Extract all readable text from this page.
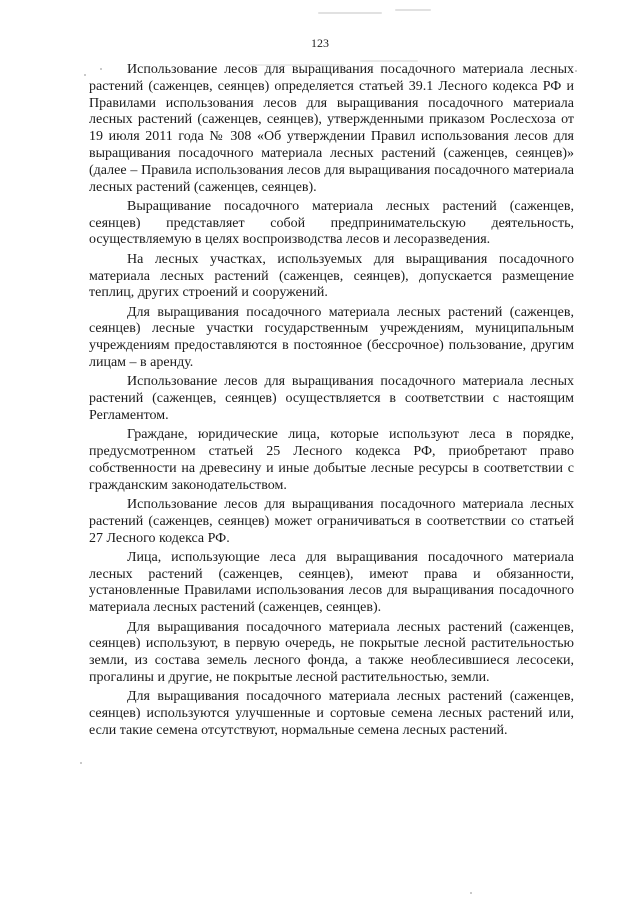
123

Использование лесов для выращивания посадочного материала лесных растений (саженцев, сеянцев) определяется статьей 39.1 Лесного кодекса РФ и Правилами использования лесов для выращивания посадочного материала лесных растений (саженцев, сеянцев), утвержденными приказом Рослесхоза от 19 июля 2011 года № 308 «Об утверждении Правил использования лесов для выращивания посадочного материала лесных растений (саженцев, сеянцев)» (далее – Правила использования лесов для выращивания посадочного материала лесных растений (саженцев, сеянцев).

Выращивание посадочного материала лесных растений (саженцев, сеянцев) представляет собой предпринимательскую деятельность, осуществляемую в целях воспроизводства лесов и лесоразведения.

На лесных участках, используемых для выращивания посадочного материала лесных растений (саженцев, сеянцев), допускается размещение теплиц, других строений и сооружений.

Для выращивания посадочного материала лесных растений (саженцев, сеянцев) лесные участки государственным учреждениям, муниципальным учреждениям предоставляются в постоянное (бессрочное) пользование, другим лицам – в аренду.

Использование лесов для выращивания посадочного материала лесных растений (саженцев, сеянцев) осуществляется в соответствии с настоящим Регламентом.

Граждане, юридические лица, которые используют леса в порядке, предусмотренном статьей 25 Лесного кодекса РФ, приобретают право собственности на древесину и иные добытые лесные ресурсы в соответствии с гражданским законодательством.

Использование лесов для выращивания посадочного материала лесных растений (саженцев, сеянцев) может ограничиваться в соответствии со статьей 27 Лесного кодекса РФ.

Лица, использующие леса для выращивания посадочного материала лесных растений (саженцев, сеянцев), имеют права и обязанности, установленные Правилами использования лесов для выращивания посадочного материала лесных растений (саженцев, сеянцев).

Для выращивания посадочного материала лесных растений (саженцев, сеянцев) используют, в первую очередь, не покрытые лесной растительностью земли, из состава земель лесного фонда, а также необлесившиеся лесосеки, прогалины и другие, не покрытые лесной растительностью, земли.

Для выращивания посадочного материала лесных растений (саженцев, сеянцев) используются улучшенные и сортовые семена лесных растений или, если такие семена отсутствуют, нормальные семена лесных растений.
